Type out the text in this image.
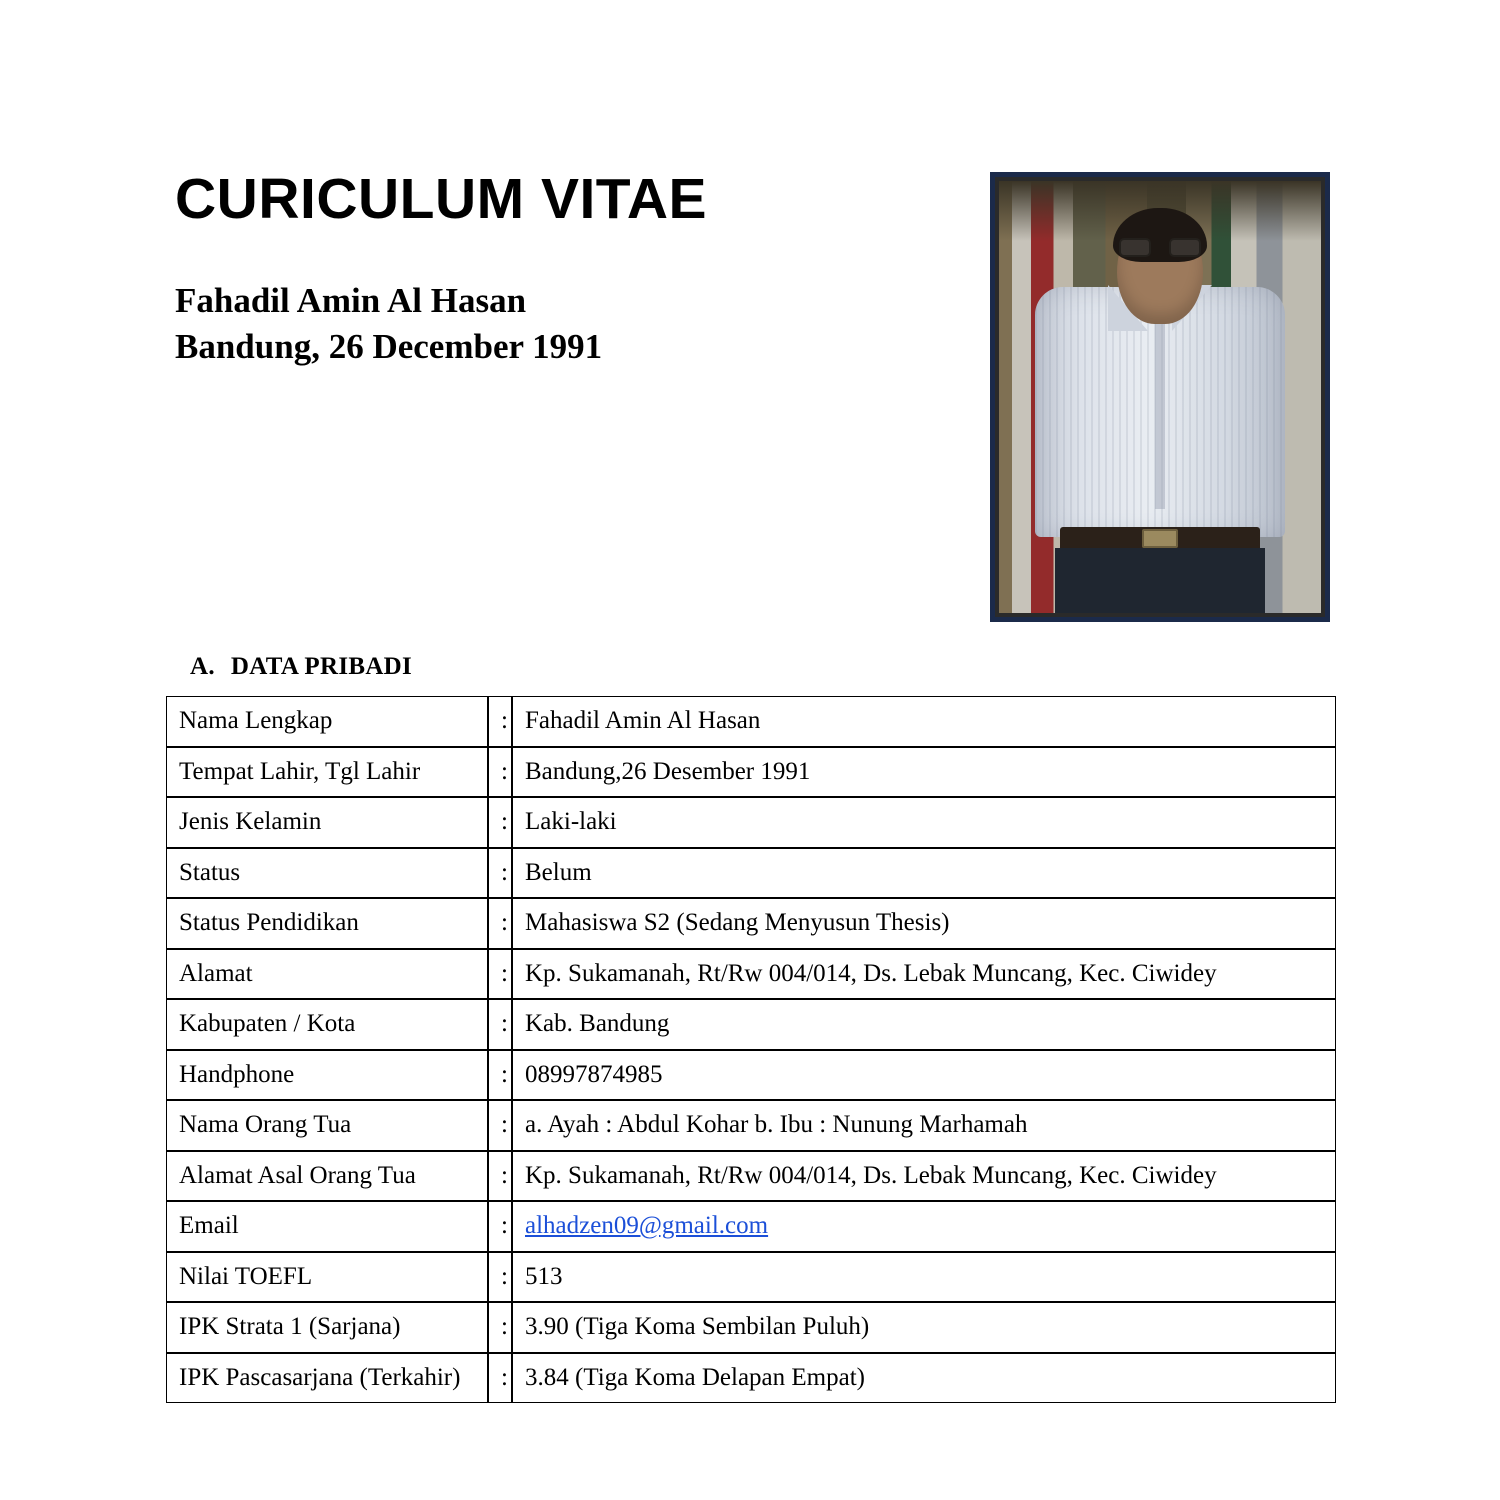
CURICULUM VITAE
Fahadil Amin Al Hasan
Bandung, 26 December 1991
A. DATA PRIBADI
Nama Lengkap	:	Fahadil Amin Al Hasan
Tempat Lahir, Tgl Lahir	:	Bandung,26 Desember 1991
Jenis Kelamin	:	Laki-laki
Status	:	Belum
Status Pendidikan	:	Mahasiswa S2 (Sedang Menyusun Thesis)
Alamat	:	Kp. Sukamanah, Rt/Rw 004/014, Ds. Lebak Muncang, Kec. Ciwidey
Kabupaten / Kota	:	Kab. Bandung
Handphone	:	08997874985
Nama Orang Tua	:	a. Ayah : Abdul Kohar b. Ibu : Nunung Marhamah
Alamat Asal Orang Tua	:	Kp. Sukamanah, Rt/Rw 004/014, Ds. Lebak Muncang, Kec. Ciwidey
Email	:	alhadzen09@gmail.com
Nilai TOEFL	:	513
IPK Strata 1 (Sarjana)	:	3.90 (Tiga Koma Sembilan Puluh)
IPK Pascasarjana (Terkahir)	:	3.84 (Tiga Koma Delapan Empat)
